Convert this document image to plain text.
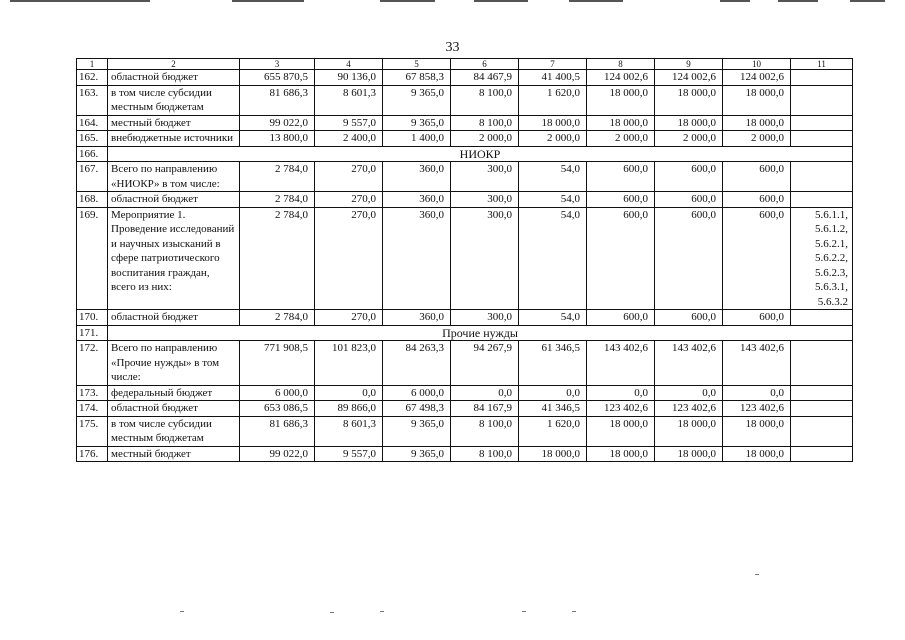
33
1	2	3	4	5	6	7	8	9	10	11
162.	областной бюджет	655 870,5	90 136,0	67 858,3	84 467,9	41 400,5	124 002,6	124 002,6	124 002,6	
163.	в том числе субсидии местным бюджетам	81 686,3	8 601,3	9 365,0	8 100,0	1 620,0	18 000,0	18 000,0	18 000,0	
164.	местный бюджет	99 022,0	9 557,0	9 365,0	8 100,0	18 000,0	18 000,0	18 000,0	18 000,0	
165.	внебюджетные источники	13 800,0	2 400,0	1 400,0	2 000,0	2 000,0	2 000,0	2 000,0	2 000,0	
166.	НИОКР									
167.	Всего по направлению «НИОКР» в том числе:	2 784,0	270,0	360,0	300,0	54,0	600,0	600,0	600,0	
168.	областной бюджет	2 784,0	270,0	360,0	300,0	54,0	600,0	600,0	600,0	
169.	Мероприятие 1. Проведение исследований и научных изысканий в сфере патриотического воспитания граждан, всего из них:	2 784,0	270,0	360,0	300,0	54,0	600,0	600,0	600,0	5.6.1.1, 5.6.1.2, 5.6.2.1, 5.6.2.2, 5.6.2.3, 5.6.3.1, 5.6.3.2
170.	областной бюджет	2 784,0	270,0	360,0	300,0	54,0	600,0	600,0	600,0	
171.	Прочие нужды									
172.	Всего по направлению «Прочие нужды» в том числе:	771 908,5	101 823,0	84 263,3	94 267,9	61 346,5	143 402,6	143 402,6	143 402,6	
173.	федеральный бюджет	6 000,0	0,0	6 000,0	0,0	0,0	0,0	0,0	0,0	
174.	областной бюджет	653 086,5	89 866,0	67 498,3	84 167,9	41 346,5	123 402,6	123 402,6	123 402,6	
175.	в том числе субсидии местным бюджетам	81 686,3	8 601,3	9 365,0	8 100,0	1 620,0	18 000,0	18 000,0	18 000,0	
176.	местный бюджет	99 022,0	9 557,0	9 365,0	8 100,0	18 000,0	18 000,0	18 000,0	18 000,0	
